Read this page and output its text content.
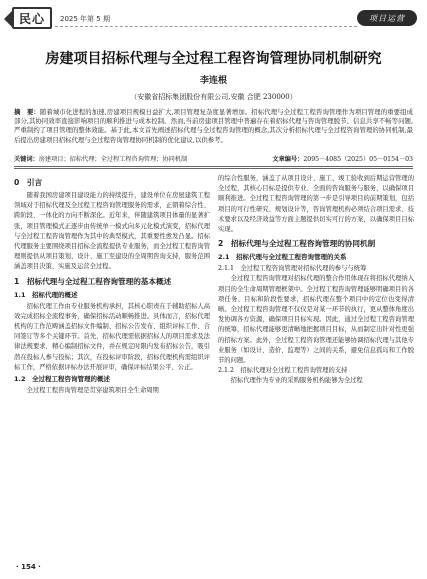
民心 2025 年第 5 期	项目运营
房建项目招标代理与全过程工程咨询管理协同机制研究
李连根
（安徽省招标集团股份有限公司,安徽 合肥 230000）
摘　要：随着城市化进程的加速,房建项目规模日益扩大,项目管理复杂度显著增加。招标代理与全过程工程咨询管理作为项目管理的重要组成部分,其协同效率直接影响项目的顺利推进与成本控制。然而,当前房建项目管理中普遍存在着招标代理与咨询管理脱节、信息共享不畅等问题,严重制约了项目管理的整体效能。基于此,本文首先阐述招标代理与全过程咨询管理的概念,其次分析招标代理与全过程咨询管理的协同机制,最后提出房建项目招标代理与全过程咨询管理协同机制的优化建议,以供参考。
关键词：房建项目；招标代理；全过程工程咨询管理；协同机制	文章编号：2095－4085（2025）05－0154－03
0　引言
随着我国房建项目建设能力的持续提升，建设单位在房屋建筑工程领域对于招标代理及全过程工程咨询管理服务的需求，正朝着综合性、跨阶段、一体化的方向不断深化。近年来，伴随建筑项目体量的显著扩张，项目管理模式正逐步由传统单一模式向多元化模式演变，招标代理与全过程工程咨询管理作为其中的典型模式，其重要性愈发凸显。招标代理服务主要围绕项目招标全流程提供专业服务，而全过程工程咨询管理则提供从项目策划、设计、施工至建设的全周期咨询支持，服务范围涵盖项目决策、实施及运营全过程。
1　招标代理与全过程工程咨询管理的基本概述
1.1　招标代理的概述
招标代理工作由专业服务机构承担，其核心职责在于辅助招标人高效完成招标全流程事务，确保招标活动顺畅推进。具体而言，招标代理机构的工作范畴涵盖招标文件编制、招标公告发布、组织评标工作、合同签订等多个关键环节。首先，招标代理需依据招标人的项目需求及法律法规要求，精心编制招标文件，并在规定时限内发布招标公告，吸引潜在投标人参与投标；其次，在投标评审阶段，招标代理机构需组织评标工作，严格依据评标办法开展评审，确保评标结果公平、公正。
1.2　全过程工程咨询管理的概述
全过程工程咨询管理是贯穿建筑项目全生命周期
的综合性服务，涵盖了从项目设计、施工、竣工验收到后期运营管理的全过程，其核心目标是提供专业、全面的咨询服务与服务，以确保项目顺利推进。全过程工程咨询管理的第一步是引导项目的前期策划，包括项目的可行性研究、规划设计等，咨询管理机构必须结合项目需求、技术要求以及经济效益等方面主题提供切实可行的方案，以确保项目目标实现。
2　招标代理与全过程工程咨询管理的协同机制
2.1　招标代理与全过程工程咨询管理的关系
2.1.1　全过程工程咨询管理对招标代理的参与与统筹
全过程工程咨询管理对招标代理的整合作用体现在将招标代理纳入项目的全生命周期管理框架中。全过程工程咨询管理能够明确项目的各项任务、目标和阶段性要求，招标代理在整个项目中的定位也变得清晰。全过程工程咨询管理不仅仅是对某一环节的执行，更从整体角度出发协调各方资源，确保项目目标实现。因此，通过全过程工程咨询管理的统筹，招标代理能够更清晰地把握项目目标，从而制定出针对性更强的招标方案。此外，全过程工程咨询管理还能够协调招标代理与其他专业服务（如设计、造价、监理等）之间的关系，避免信息孤岛和工作脱节的问题。
2.1.2　招标代理对全过程工程咨询管理的支持
招标代理作为专业的采购服务机构能够为全过程
· 154 ·
